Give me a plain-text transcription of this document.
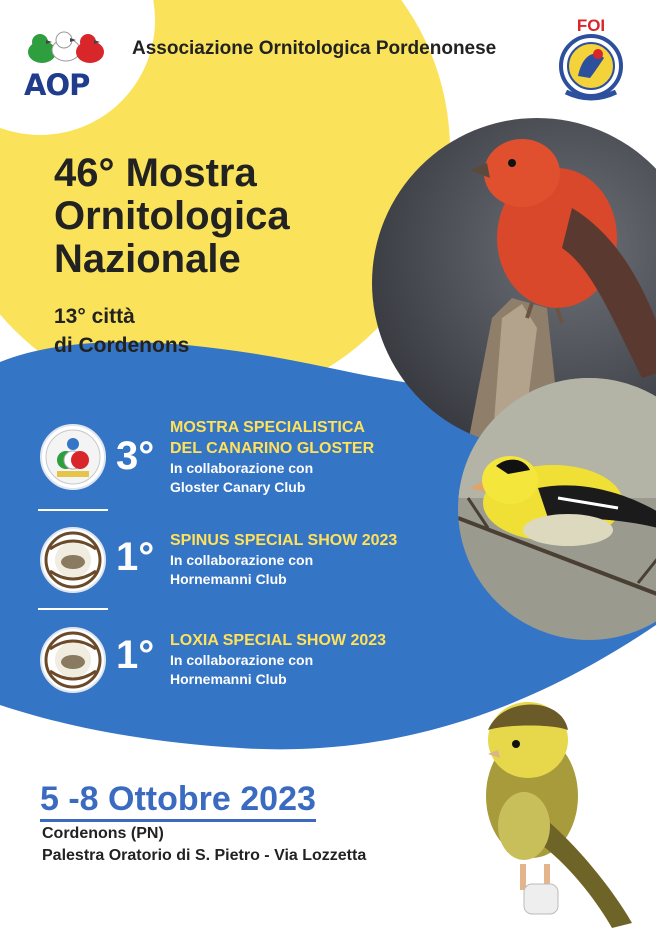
AOP
Associazione Ornitologica Pordenonese
FOI
46° Mostra
Ornitologica
Nazionale
13° città
di Cordenons
3°
MOSTRA SPECIALISTICA
DEL CANARINO GLOSTER
In collaborazione con
Gloster Canary Club
1° SPINUS SPECIAL SHOW 2023
In collaborazione con
Hornemanni Club
1° LOXIA SPECIAL SHOW 2023
In collaborazione con
Hornemanni Club
5 -8 Ottobre 2023
Cordenons (PN)
Palestra Oratorio di S. Pietro - Via Lozzetta
